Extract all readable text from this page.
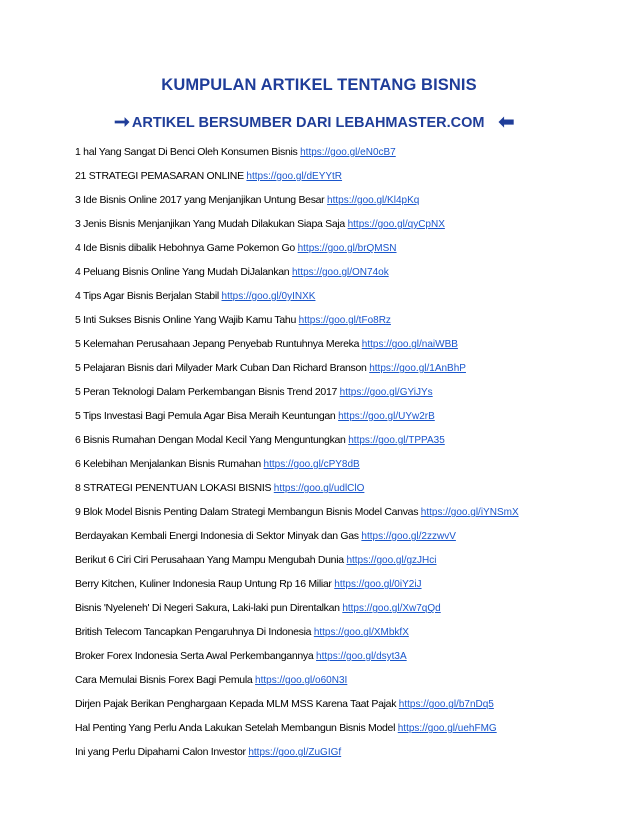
KUMPULAN ARTIKEL TENTANG BISNIS
➞ ARTIKEL BERSUMBER DARI LEBAHMASTER.COM ⬅
1 hal Yang Sangat Di Benci Oleh Konsumen Bisnis https://goo.gl/eN0cB7
21 STRATEGI PEMASARAN ONLINE https://goo.gl/dEYYtR
3 Ide Bisnis Online 2017 yang Menjanjikan Untung Besar https://goo.gl/Kl4pKq
3 Jenis Bisnis Menjanjikan Yang Mudah Dilakukan Siapa Saja https://goo.gl/qyCpNX
4 Ide Bisnis dibalik Hebohnya Game Pokemon Go https://goo.gl/brQMSN
4 Peluang Bisnis Online Yang Mudah DiJalankan https://goo.gl/ON74ok
4 Tips Agar Bisnis Berjalan Stabil https://goo.gl/0yINXK
5 Inti Sukses Bisnis Online Yang Wajib Kamu Tahu https://goo.gl/tFo8Rz
5 Kelemahan Perusahaan Jepang Penyebab Runtuhnya Mereka https://goo.gl/naiWBB
5 Pelajaran Bisnis dari Milyader Mark Cuban Dan Richard Branson https://goo.gl/1AnBhP
5 Peran Teknologi Dalam Perkembangan Bisnis Trend 2017 https://goo.gl/GYiJYs
5 Tips Investasi Bagi Pemula Agar Bisa Meraih Keuntungan https://goo.gl/UYw2rB
6 Bisnis Rumahan Dengan Modal Kecil Yang Menguntungkan https://goo.gl/TPPA35
6 Kelebihan Menjalankan Bisnis Rumahan https://goo.gl/cPY8dB
8 STRATEGI PENENTUAN LOKASI BISNIS https://goo.gl/udlClO
9 Blok Model Bisnis Penting Dalam Strategi Membangun Bisnis Model Canvas https://goo.gl/iYNSmX
Berdayakan Kembali Energi Indonesia di Sektor Minyak dan Gas https://goo.gl/2zzwvV
Berikut 6 Ciri Ciri Perusahaan Yang Mampu Mengubah Dunia https://goo.gl/gzJHci
Berry Kitchen, Kuliner Indonesia Raup Untung Rp 16 Miliar https://goo.gl/0iY2iJ
Bisnis 'Nyeleneh' Di Negeri Sakura, Laki-laki pun Direntalkan https://goo.gl/Xw7qQd
British Telecom Tancapkan Pengaruhnya Di Indonesia https://goo.gl/XMbkfX
Broker Forex Indonesia Serta Awal Perkembangannya https://goo.gl/dsyt3A
Cara Memulai Bisnis Forex Bagi Pemula https://goo.gl/o60N3I
Dirjen Pajak Berikan Penghargaan Kepada MLM MSS Karena Taat Pajak https://goo.gl/b7nDq5
Hal Penting Yang Perlu Anda Lakukan Setelah Membangun Bisnis Model https://goo.gl/uehFMG
Ini yang Perlu Dipahami Calon Investor https://goo.gl/ZuGIGf
